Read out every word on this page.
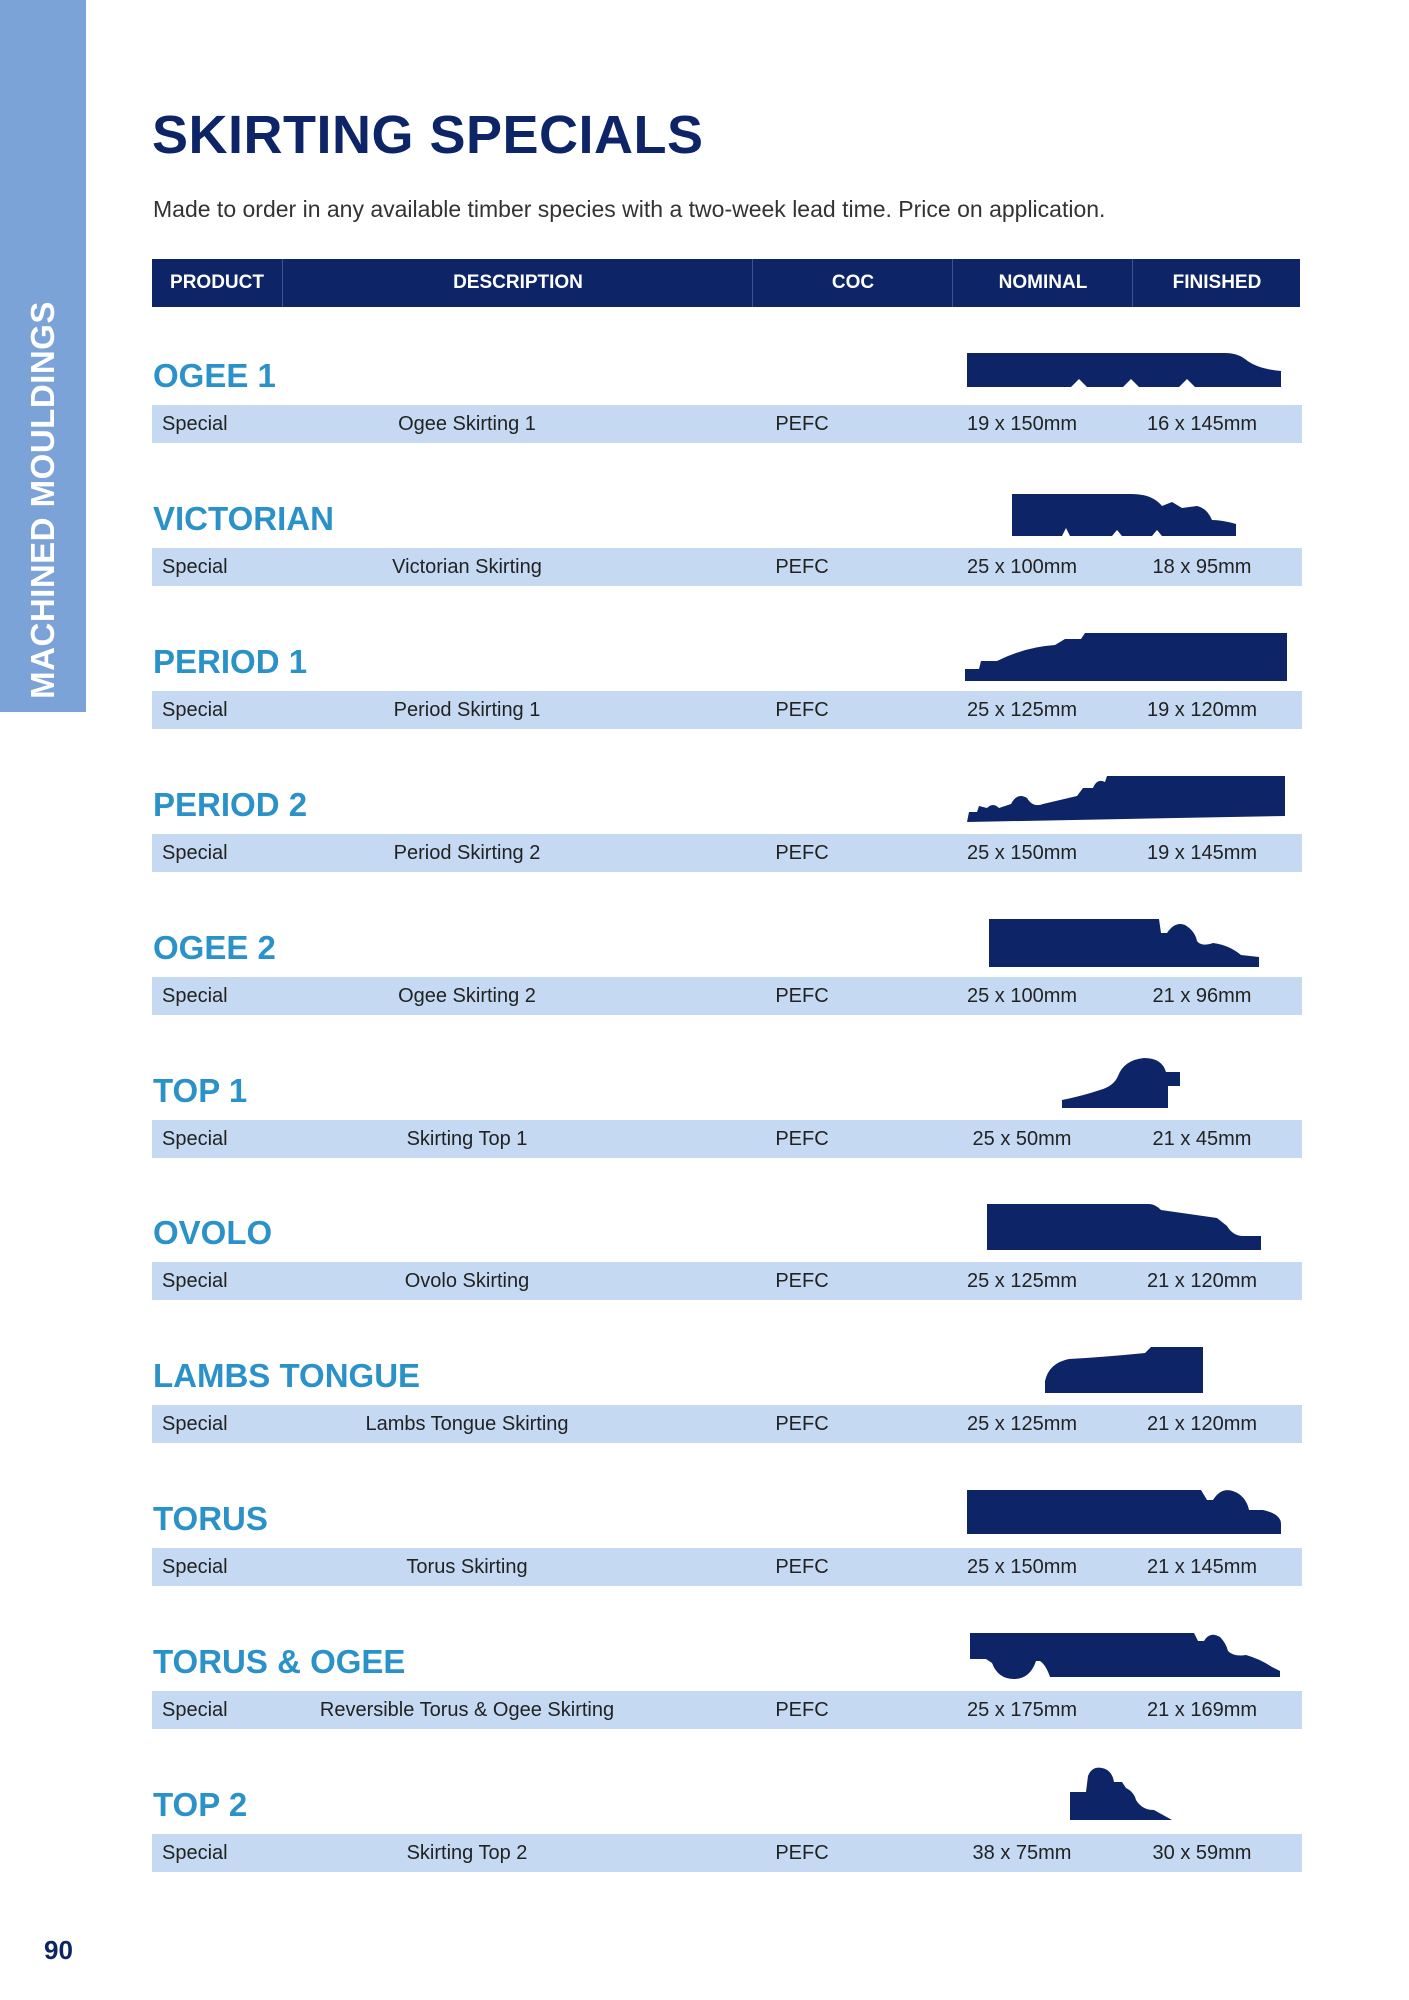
MACHINED MOULDINGS
SKIRTING SPECIALS

Made to order in any available timber species with a two-week lead time. Price on application.

PRODUCT	DESCRIPTION	COC	NOMINAL	FINISHED
OGEE 1
Special	Ogee Skirting 1	PEFC	19 x 150mm	16 x 145mm
VICTORIAN
Special	Victorian Skirting	PEFC	25 x 100mm	18 x 95mm
PERIOD 1
Special	Period Skirting 1	PEFC	25 x 125mm	19 x 120mm
PERIOD 2
Special	Period Skirting 2	PEFC	25 x 150mm	19 x 145mm
OGEE 2
Special	Ogee Skirting 2	PEFC	25 x 100mm	21 x 96mm
TOP 1
Special	Skirting Top 1	PEFC	25 x 50mm	21 x 45mm
OVOLO
Special	Ovolo Skirting	PEFC	25 x 125mm	21 x 120mm
LAMBS TONGUE
Special	Lambs Tongue Skirting	PEFC	25 x 125mm	21 x 120mm
TORUS
Special	Torus Skirting	PEFC	25 x 150mm	21 x 145mm
TORUS & OGEE
Special	Reversible Torus & Ogee Skirting	PEFC	25 x 175mm	21 x 169mm
TOP 2
Special	Skirting Top 2	PEFC	38 x 75mm	30 x 59mm

90
